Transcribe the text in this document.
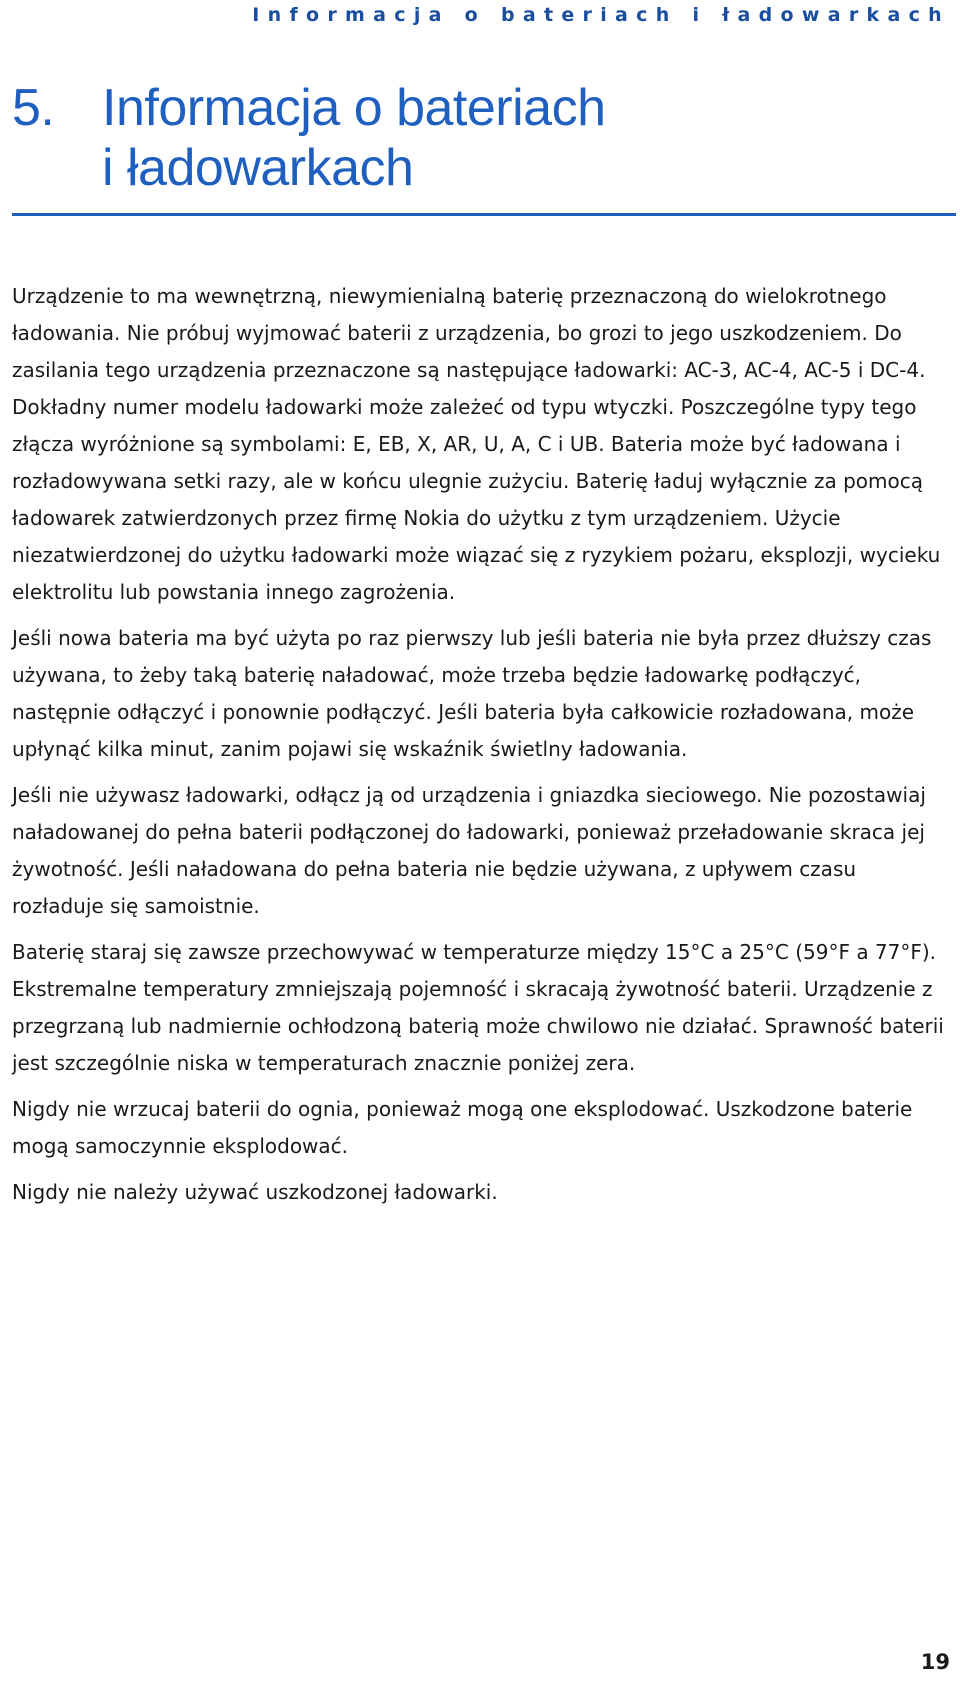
Informacja o bateriach i ładowarkach
5. Informacja o bateriach
i ładowarkach

Urządzenie to ma wewnętrzną, niewymienialną baterię przeznaczoną do wielokrotnego ładowania. Nie próbuj wyjmować baterii z urządzenia, bo grozi to jego uszkodzeniem. Do zasilania tego urządzenia przeznaczone są następujące ładowarki: AC-3, AC-4, AC-5 i DC-4. Dokładny numer modelu ładowarki może zależeć od typu wtyczki. Poszczególne typy tego złącza wyróżnione są symbolami: E, EB, X, AR, U, A, C i UB. Bateria może być ładowana i rozładowywana setki razy, ale w końcu ulegnie zużyciu. Baterię ładuj wyłącznie za pomocą ładowarek zatwierdzonych przez firmę Nokia do użytku z tym urządzeniem. Użycie niezatwierdzonej do użytku ładowarki może wiązać się z ryzykiem pożaru, eksplozji, wycieku elektrolitu lub powstania innego zagrożenia.

Jeśli nowa bateria ma być użyta po raz pierwszy lub jeśli bateria nie była przez dłuższy czas używana, to żeby taką baterię naładować, może trzeba będzie ładowarkę podłączyć, następnie odłączyć i ponownie podłączyć. Jeśli bateria była całkowicie rozładowana, może upłynąć kilka minut, zanim pojawi się wskaźnik świetlny ładowania.

Jeśli nie używasz ładowarki, odłącz ją od urządzenia i gniazdka sieciowego. Nie pozostawiaj naładowanej do pełna baterii podłączonej do ładowarki, ponieważ przeładowanie skraca jej żywotność. Jeśli naładowana do pełna bateria nie będzie używana, z upływem czasu rozładuje się samoistnie.

Baterię staraj się zawsze przechowywać w temperaturze między 15°C a 25°C (59°F a 77°F). Ekstremalne temperatury zmniejszają pojemność i skracają żywotność baterii. Urządzenie z przegrzaną lub nadmiernie ochłodzoną baterią może chwilowo nie działać. Sprawność baterii jest szczególnie niska w temperaturach znacznie poniżej zera.

Nigdy nie wrzucaj baterii do ognia, ponieważ mogą one eksplodować. Uszkodzone baterie mogą samoczynnie eksplodować.

Nigdy nie należy używać uszkodzonej ładowarki.

19
